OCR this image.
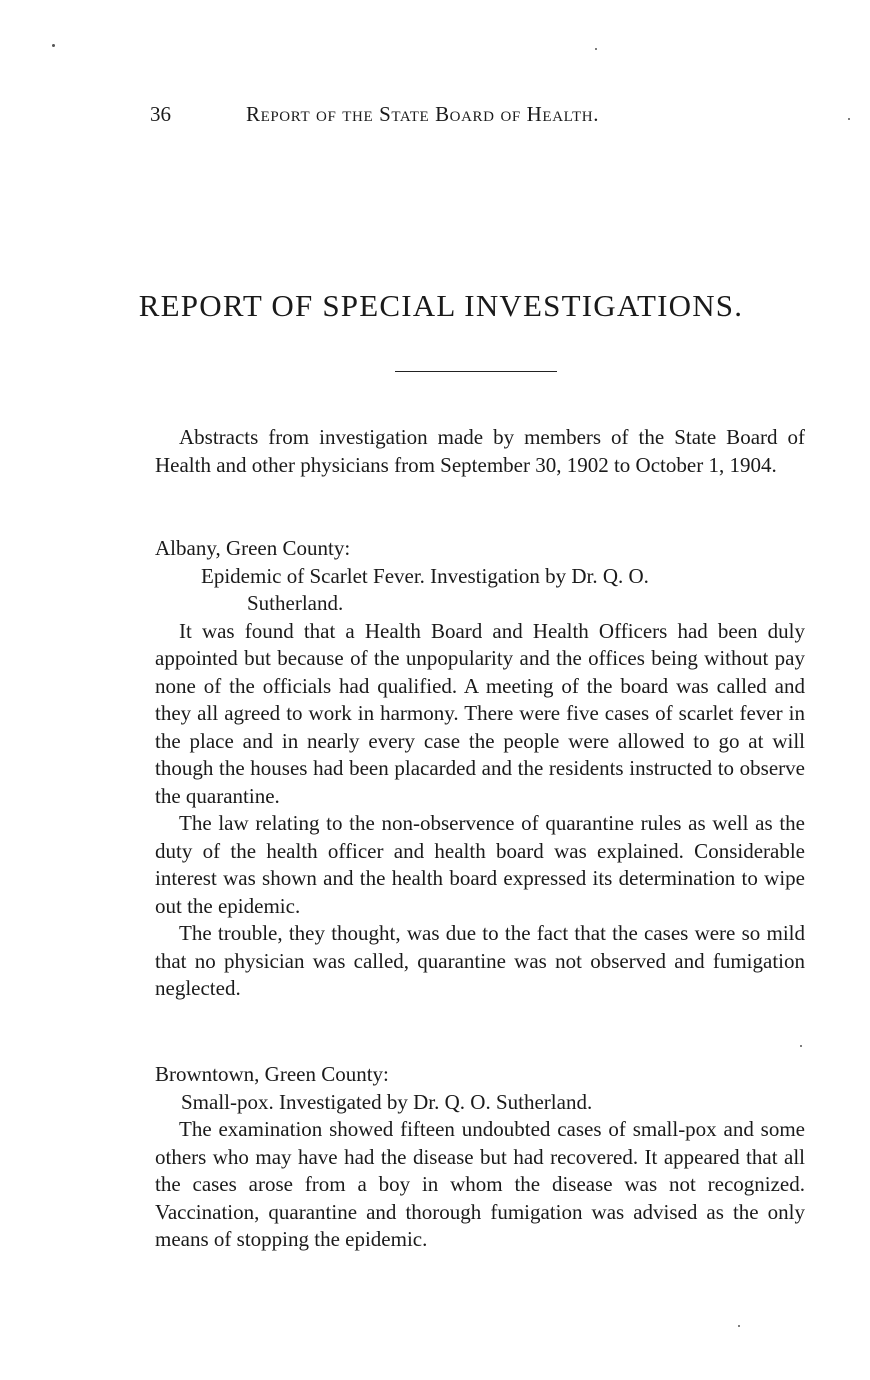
36	Report of the State Board of Health.
REPORT OF SPECIAL INVESTIGATIONS.

Abstracts from investigation made by members of the State Board of Health and other physicians from September 30, 1902 to October 1, 1904.

Albany, Green County:

Epidemic of Scarlet Fever. Investigation by Dr. Q. O.
Sutherland.

It was found that a Health Board and Health Officers had been duly appointed but because of the unpopularity and the offices being without pay none of the officials had qualified. A meeting of the board was called and they all agreed to work in harmony. There were five cases of scarlet fever in the place and in nearly every case the people were allowed to go at will though the houses had been placarded and the residents instructed to observe the quarantine.

The law relating to the non-observence of quarantine rules as well as the duty of the health officer and health board was explained. Considerable interest was shown and the health board expressed its determination to wipe out the epidemic.

The trouble, they thought, was due to the fact that the cases were so mild that no physician was called, quarantine was not observed and fumigation neglected.

Browntown, Green County:

Small-pox. Investigated by Dr. Q. O. Sutherland.

The examination showed fifteen undoubted cases of small-pox and some others who may have had the disease but had recovered. It appeared that all the cases arose from a boy in whom the disease was not recognized. Vaccination, quarantine and thorough fumigation was advised as the only means of stopping the epidemic.
